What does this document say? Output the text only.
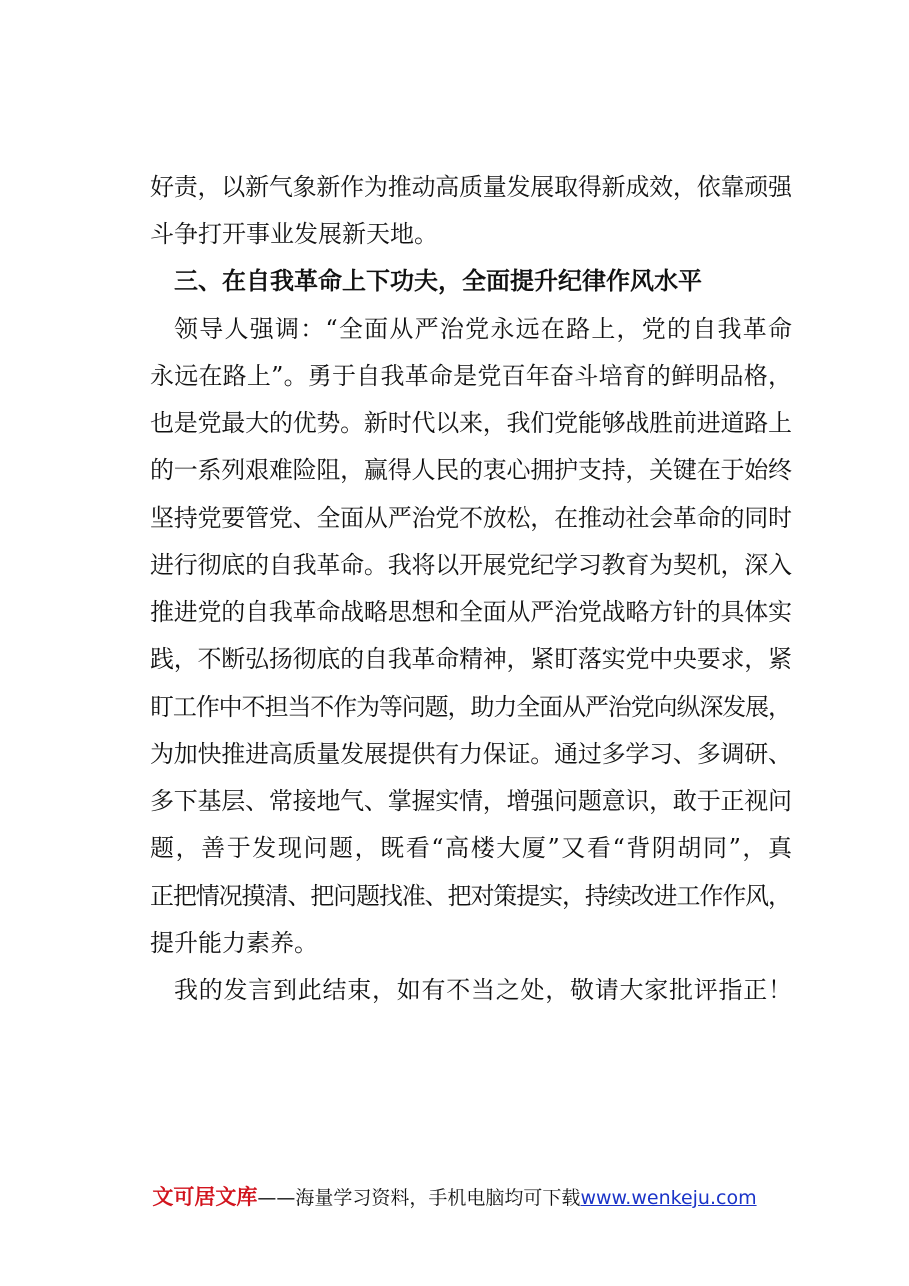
好责，以新气象新作为推动高质量发展取得新成效，依靠顽强
斗争打开事业发展新天地。
三、在自我革命上下功夫，全面提升纪律作风水平
领导人强调：“全面从严治党永远在路上，党的自我革命
永远在路上”。勇于自我革命是党百年奋斗培育的鲜明品格，
也是党最大的优势。新时代以来，我们党能够战胜前进道路上
的一系列艰难险阻，赢得人民的衷心拥护支持，关键在于始终
坚持党要管党、全面从严治党不放松，在推动社会革命的同时
进行彻底的自我革命。我将以开展党纪学习教育为契机，深入
推进党的自我革命战略思想和全面从严治党战略方针的具体实
践，不断弘扬彻底的自我革命精神，紧盯落实党中央要求，紧
盯工作中不担当不作为等问题，助力全面从严治党向纵深发展，
为加快推进高质量发展提供有力保证。通过多学习、多调研、
多下基层、常接地气、掌握实情，增强问题意识，敢于正视问
题，善于发现问题，既看“高楼大厦”又看“背阴胡同”，真
正把情况摸清、把问题找准、把对策提实，持续改进工作作风，
提升能力素养。
我的发言到此结束，如有不当之处，敬请大家批评指正！
文可居文库——海量学习资料，手机电脑均可下载www.wenkeju.com
